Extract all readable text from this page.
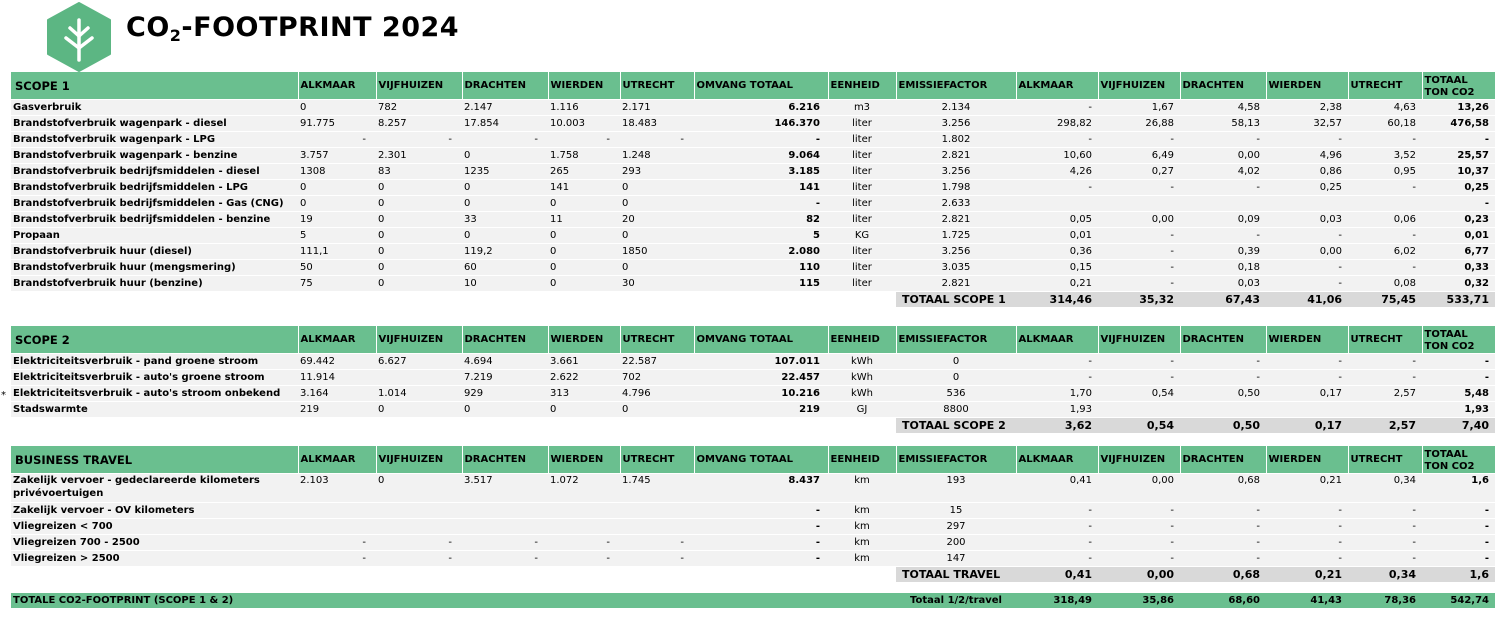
$CO_2$-FOOTPRINT 2024
*
SCOPE 1	ALKMAAR	VIJFHUIZEN	DRACHTEN	WIERDEN	UTRECHT	OMVANG TOTAAL	EENHEID	EMISSIEFACTOR	ALKMAAR	VIJFHUIZEN	DRACHTEN	WIERDEN	UTRECHT	TOTAAL
TON CO2

Gasverbruik	0	782	2.147	1.116	2.171	6.216	m3	2.134	-	1,67	4,58	2,38	4,63	13,26
Brandstofverbruik wagenpark - diesel	91.775	8.257	17.854	10.003	18.483	146.370	liter	3.256	298,82	26,88	58,13	32,57	60,18	476,58
Brandstofverbruik wagenpark - LPG	-	-	-	-	-	-	liter	1.802	-	-	-	-	-	-
Brandstofverbruik wagenpark - benzine	3.757	2.301	0	1.758	1.248	9.064	liter	2.821	10,60	6,49	0,00	4,96	3,52	25,57
Brandstofverbruik bedrijfsmiddelen - diesel	1308	83	1235	265	293	3.185	liter	3.256	4,26	0,27	4,02	0,86	0,95	10,37
Brandstofverbruik bedrijfsmiddelen - LPG	0	0	0	141	0	141	liter	1.798	-	-	-	0,25	-	0,25
Brandstofverbruik bedrijfsmiddelen - Gas (CNG)	0	0	0	0	0	-	liter	2.633						-
Brandstofverbruik bedrijfsmiddelen - benzine	19	0	33	11	20	82	liter	2.821	0,05	0,00	0,09	0,03	0,06	0,23
Propaan	5	0	0	0	0	5	KG	1.725	0,01	-	-	-	-	0,01
Brandstofverbruik huur (diesel)	111,1	0	119,2	0	1850	2.080	liter	3.256	0,36	-	0,39	0,00	6,02	6,77
Brandstofverbruik huur (mengsmering)	50	0	60	0	0	110	liter	3.035	0,15	-	0,18	-	-	0,33
Brandstofverbruik huur (benzine)	75	0	10	0	30	115	liter	2.821	0,21	-	0,03	-	0,08	0,32
								TOTAAL SCOPE 1	314,46	35,32	67,43	41,06	75,45	533,71
SCOPE 2	ALKMAAR	VIJFHUIZEN	DRACHTEN	WIERDEN	UTRECHT	OMVANG TOTAAL	EENHEID	EMISSIEFACTOR	ALKMAAR	VIJFHUIZEN	DRACHTEN	WIERDEN	UTRECHT	TOTAAL
TON CO2

Elektriciteitsverbruik - pand groene stroom	69.442	6.627	4.694	3.661	22.587	107.011	kWh	0	-	-	-	-	-	-
Elektriciteitsverbruik - auto's groene stroom	11.914		7.219	2.622	702	22.457	kWh	0	-	-	-	-	-	-
Elektriciteitsverbruik - auto's stroom onbekend	3.164	1.014	929	313	4.796	10.216	kWh	536	1,70	0,54	0,50	0,17	2,57	5,48
Stadswarmte	219	0	0	0	0	219	GJ	8800	1,93					1,93
								TOTAAL SCOPE 2	3,62	0,54	0,50	0,17	2,57	7,40
BUSINESS TRAVEL	ALKMAAR	VIJFHUIZEN	DRACHTEN	WIERDEN	UTRECHT	OMVANG TOTAAL	EENHEID	EMISSIEFACTOR	ALKMAAR	VIJFHUIZEN	DRACHTEN	WIERDEN	UTRECHT	TOTAAL
TON CO2

Zakelijk vervoer - gedeclareerde kilometers privévoertuigen	2.103	0	3.517	1.072	1.745	8.437	km	193	0,41	0,00	0,68	0,21	0,34	1,6
Zakelijk vervoer - OV kilometers						-	km	15	-	-	-	-	-	-
Vliegreizen < 700						-	km	297	-	-	-	-	-	-
Vliegreizen 700 - 2500	-	-	-	-	-	-	km	200	-	-	-	-	-	-
Vliegreizen > 2500	-	-	-	-	-	-	km	147	-	-	-	-	-	-
								TOTAAL TRAVEL	0,41	0,00	0,68	0,21	0,34	1,6
TOTALE CO2-FOOTPRINT (SCOPE 1 & 2)		Totaal 1/2/travel	318,49	35,86	68,60	41,43	78,36	542,74
